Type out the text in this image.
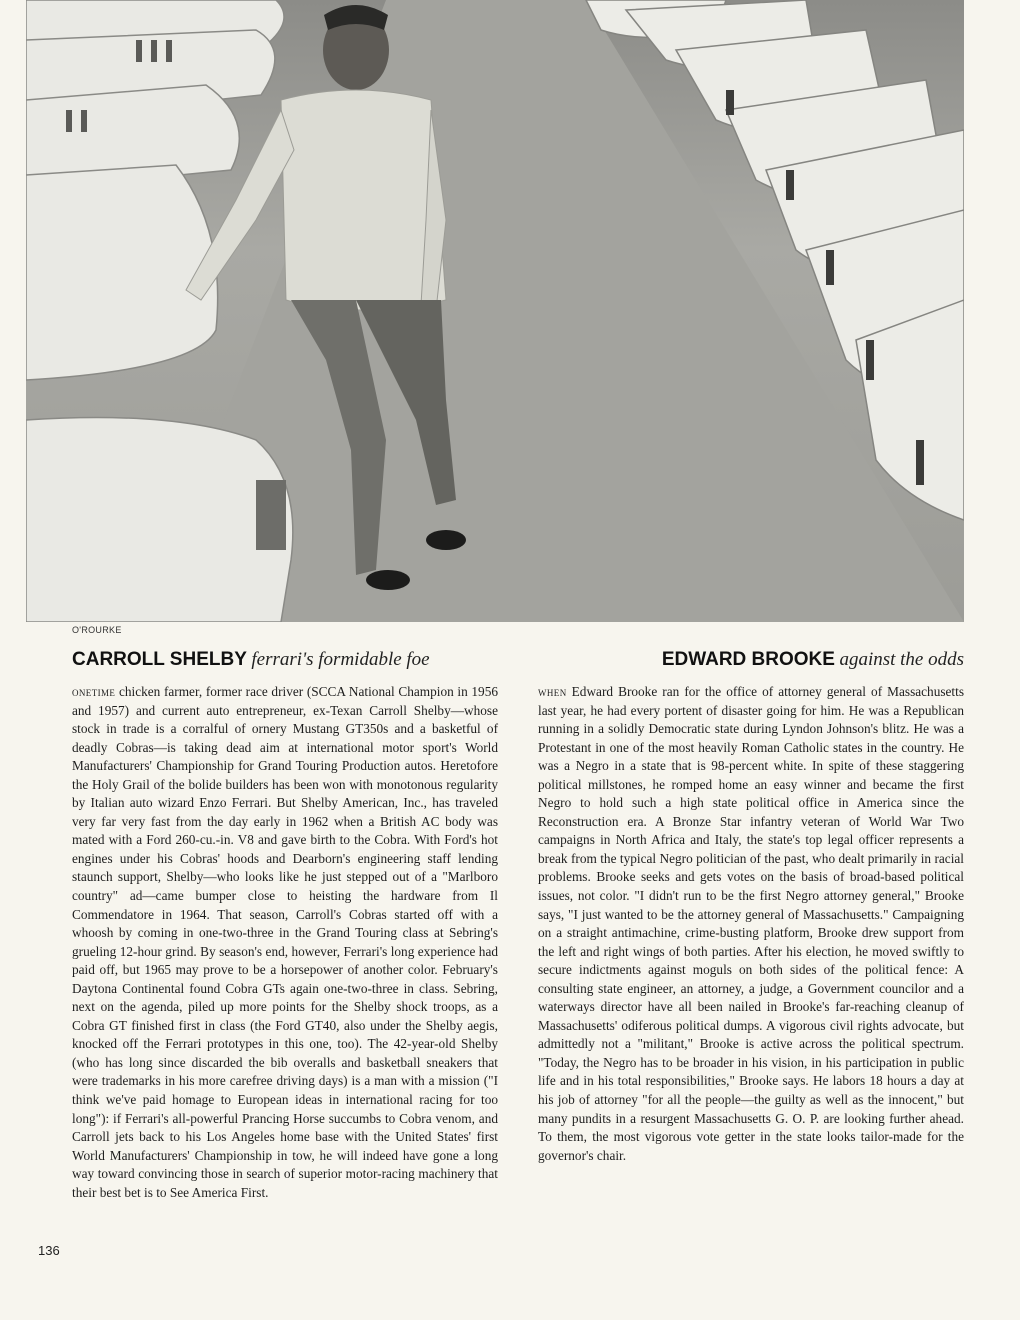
O'ROURKE
CARROLL SHELBY ferrari's formidable foe	EDWARD BROOKE against the odds
onetime chicken farmer, former race driver (SCCA National Champion in 1956 and 1957) and current auto entrepreneur, ex-Texan Carroll Shelby—whose stock in trade is a corralful of ornery Mustang GT350s and a basketful of deadly Cobras—is taking dead aim at international motor sport's World Manufacturers' Championship for Grand Touring Production autos. Heretofore the Holy Grail of the bolide builders has been won with monotonous regularity by Italian auto wizard Enzo Ferrari. But Shelby American, Inc., has traveled very far very fast from the day early in 1962 when a British AC body was mated with a Ford 260-cu.-in. V8 and gave birth to the Cobra. With Ford's hot engines under his Cobras' hoods and Dearborn's engineering staff lending staunch support, Shelby—who looks like he just stepped out of a "Marlboro country" ad—came bumper close to heisting the hardware from Il Commendatore in 1964. That season, Carroll's Cobras started off with a whoosh by coming in one-two-three in the Grand Touring class at Sebring's grueling 12-hour grind. By season's end, however, Ferrari's long experience had paid off, but 1965 may prove to be a horsepower of another color. February's Daytona Continental found Cobra GTs again one-two-three in class. Sebring, next on the agenda, piled up more points for the Shelby shock troops, as a Cobra GT finished first in class (the Ford GT40, also under the Shelby aegis, knocked off the Ferrari prototypes in this one, too). The 42-year-old Shelby (who has long since discarded the bib overalls and basketball sneakers that were trademarks in his more carefree driving days) is a man with a mission ("I think we've paid homage to European ideas in international racing for too long"): if Ferrari's all-powerful Prancing Horse succumbs to Cobra venom, and Carroll jets back to his Los Angeles home base with the United States' first World Manufacturers' Championship in tow, he will indeed have gone a long way toward convincing those in search of superior motor-racing machinery that their best bet is to See America First.
when Edward Brooke ran for the office of attorney general of Massachusetts last year, he had every portent of disaster going for him. He was a Republican running in a solidly Democratic state during Lyndon Johnson's blitz. He was a Protestant in one of the most heavily Roman Catholic states in the country. He was a Negro in a state that is 98-percent white. In spite of these staggering political millstones, he romped home an easy winner and became the first Negro to hold such a high state political office in America since the Reconstruction era. A Bronze Star infantry veteran of World War Two campaigns in North Africa and Italy, the state's top legal officer represents a break from the typical Negro politician of the past, who dealt primarily in racial problems. Brooke seeks and gets votes on the basis of broad-based political issues, not color. "I didn't run to be the first Negro attorney general," Brooke says, "I just wanted to be the attorney general of Massachusetts." Campaigning on a straight antimachine, crime-busting platform, Brooke drew support from the left and right wings of both parties. After his election, he moved swiftly to secure indictments against moguls on both sides of the political fence: A consulting state engineer, an attorney, a judge, a Government councilor and a waterways director have all been nailed in Brooke's far-reaching cleanup of Massachusetts' odiferous political dumps. A vigorous civil rights advocate, but admittedly not a "militant," Brooke is active across the political spectrum. "Today, the Negro has to be broader in his vision, in his participation in public life and in his total responsibilities," Brooke says. He labors 18 hours a day at his job of attorney "for all the people—the guilty as well as the innocent," but many pundits in a resurgent Massachusetts G. O. P. are looking further ahead. To them, the most vigorous vote getter in the state looks tailor-made for the governor's chair.
136
